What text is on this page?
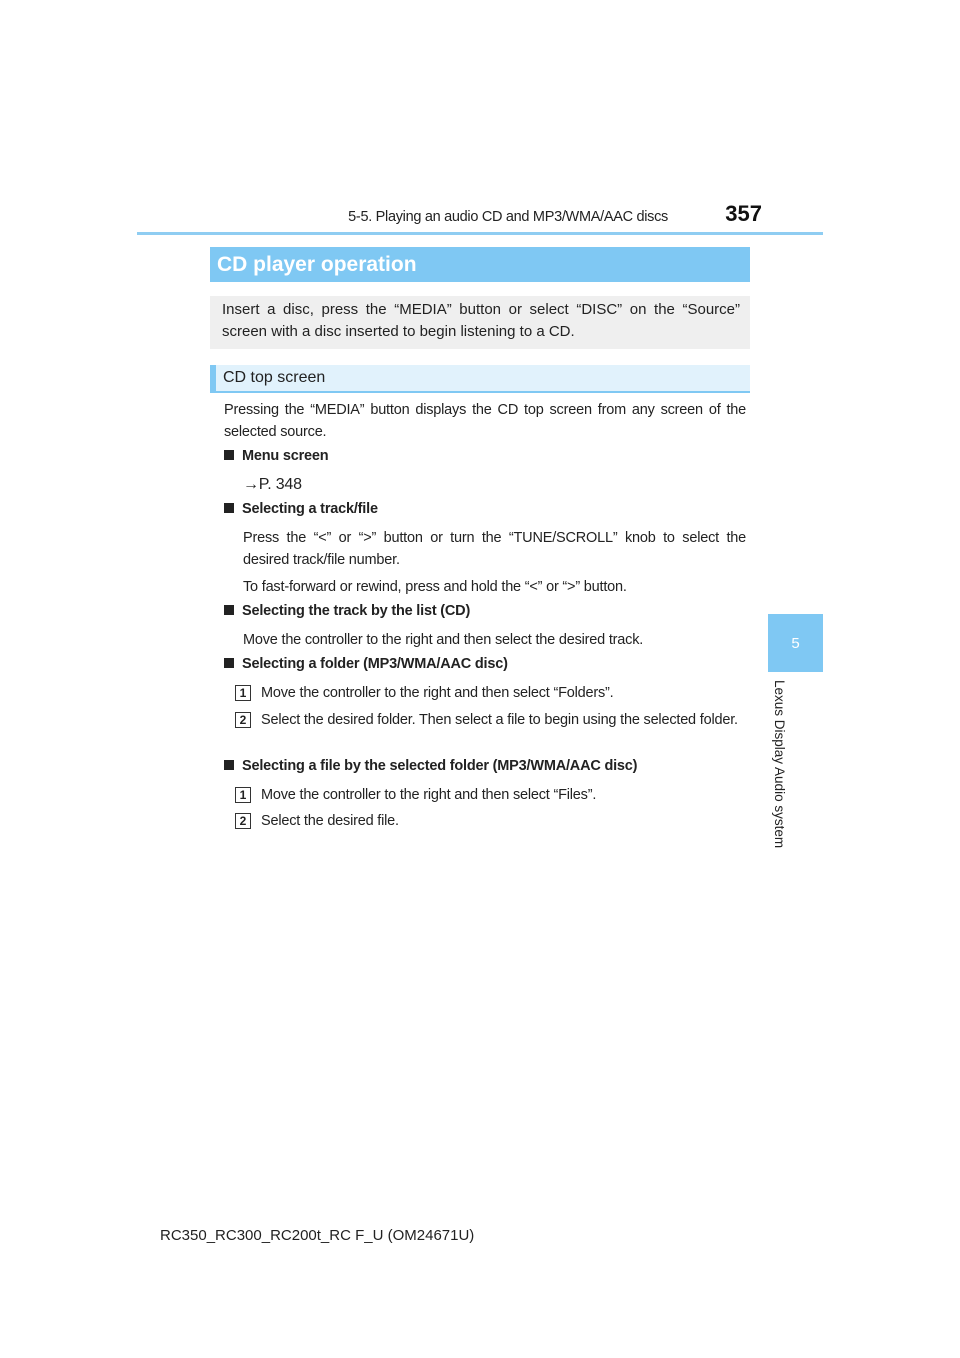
5-5. Playing an audio CD and MP3/WMA/AAC discs	357
5
Lexus Display Audio system
CD player operation
Insert a disc, press the “MEDIA” button or select “DISC” on the “Source” screen with a disc inserted to begin listening to a CD.
CD top screen
Pressing the “MEDIA” button displays the CD top screen from any screen of the selected source.
Menu screen
→P. 348
Selecting a track/file
Press the “<” or “>” button or turn the “TUNE/SCROLL” knob to select the desired track/file number.
To fast-forward or rewind, press and hold the “<” or “>” button.
Selecting the track by the list (CD)
Move the controller to the right and then select the desired track.
Selecting a folder (MP3/WMA/AAC disc)
1	Move the controller to the right and then select “Folders”.
2	Select the desired folder. Then select a file to begin using the selected folder.
Selecting a file by the selected folder (MP3/WMA/AAC disc)
1	Move the controller to the right and then select “Files”.
2	Select the desired file.
RC350_RC300_RC200t_RC F_U (OM24671U)
